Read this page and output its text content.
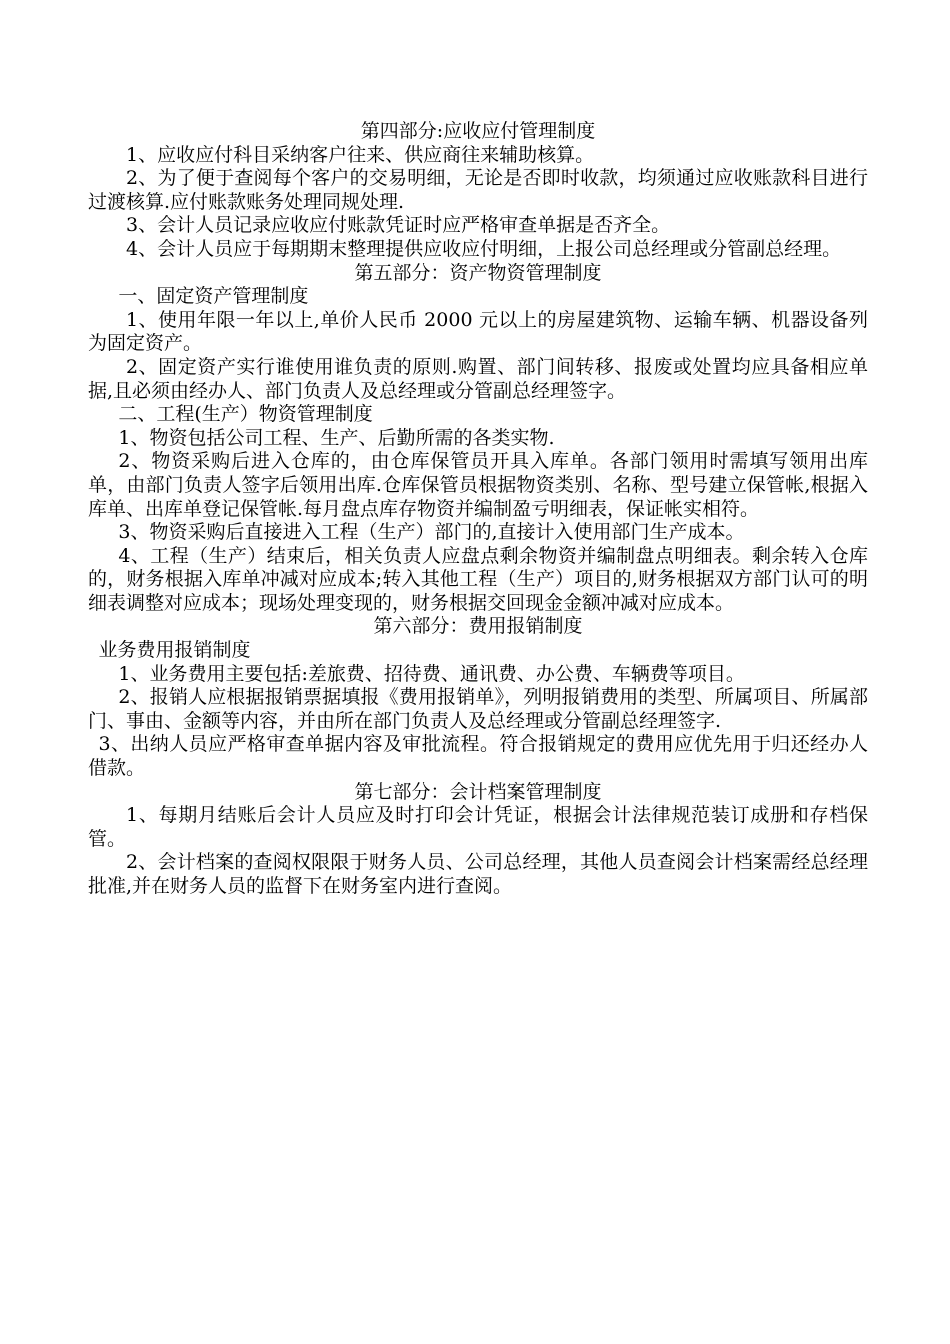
第四部分:应收应付管理制度

1、应收应付科目采纳客户往来、供应商往来辅助核算。

2、为了便于查阅每个客户的交易明细，无论是否即时收款，均须通过应收账款科目进行过渡核算.应付账款账务处理同规处理.

3、会计人员记录应收应付账款凭证时应严格审查单据是否齐全。

4、会计人员应于每期期末整理提供应收应付明细，上报公司总经理或分管副总经理。

第五部分：资产物资管理制度

一、固定资产管理制度

1、使用年限一年以上,单价人民币 2000 元以上的房屋建筑物、运输车辆、机器设备列为固定资产。

2、固定资产实行谁使用谁负责的原则.购置、部门间转移、报废或处置均应具备相应单据,且必须由经办人、部门负责人及总经理或分管副总经理签字。

二、工程(生产）物资管理制度

1、物资包括公司工程、生产、后勤所需的各类实物.

2、物资采购后进入仓库的，由仓库保管员开具入库单。各部门领用时需填写领用出库单，由部门负责人签字后领用出库.仓库保管员根据物资类别、名称、型号建立保管帐,根据入库单、出库单登记保管帐.每月盘点库存物资并编制盈亏明细表，保证帐实相符。

3、物资采购后直接进入工程（生产）部门的,直接计入使用部门生产成本。

4、工程（生产）结束后，相关负责人应盘点剩余物资并编制盘点明细表。剩余转入仓库的，财务根据入库单冲减对应成本;转入其他工程（生产）项目的,财务根据双方部门认可的明细表调整对应成本；现场处理变现的，财务根据交回现金金额冲减对应成本。

第六部分：费用报销制度

业务费用报销制度

1、业务费用主要包括:差旅费、招待费、通讯费、办公费、车辆费等项目。

2、报销人应根据报销票据填报《费用报销单》，列明报销费用的类型、所属项目、所属部门、事由、金额等内容，并由所在部门负责人及总经理或分管副总经理签字.

3、出纳人员应严格审查单据内容及审批流程。符合报销规定的费用应优先用于归还经办人借款。

第七部分：会计档案管理制度

1、每期月结账后会计人员应及时打印会计凭证，根据会计法律规范装订成册和存档保管。

2、会计档案的查阅权限限于财务人员、公司总经理，其他人员查阅会计档案需经总经理批准,并在财务人员的监督下在财务室内进行查阅。
